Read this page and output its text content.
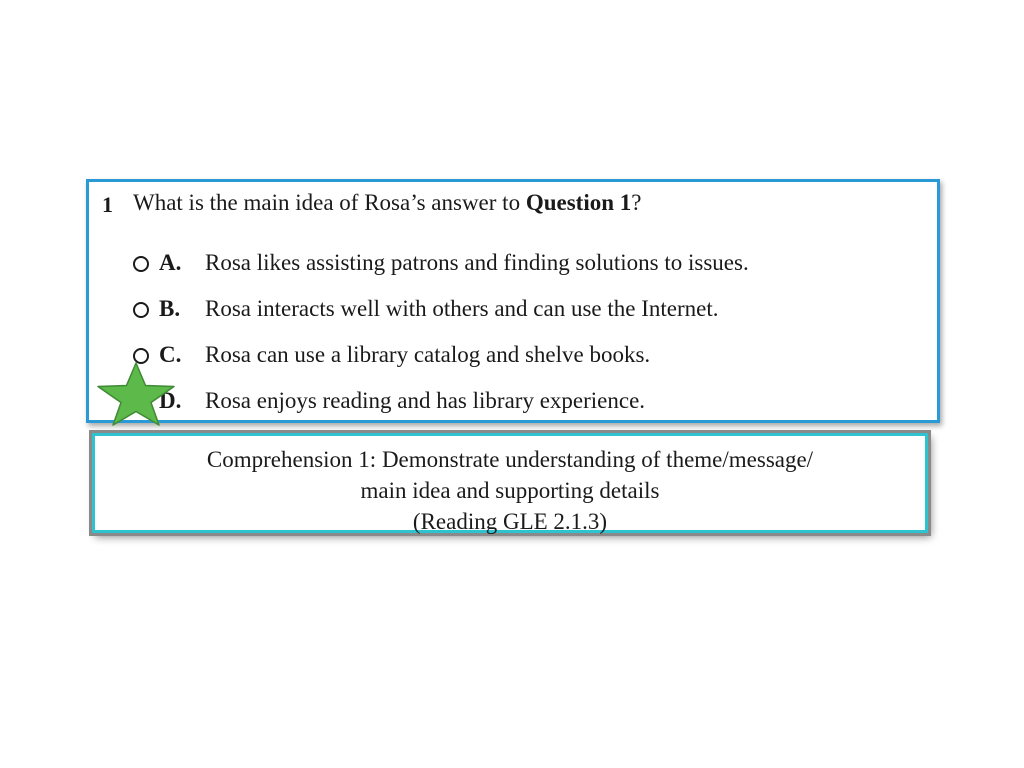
1 What is the main idea of Rosa’s answer to Question 1?
A.	Rosa likes assisting patrons and finding solutions to issues.
B.	Rosa interacts well with others and can use the Internet.
C.	Rosa can use a library catalog and shelve books.
D.	Rosa enjoys reading and has library experience.
Comprehension 1: Demonstrate understanding of theme/message/
main idea and supporting details
(Reading GLE 2.1.3)
